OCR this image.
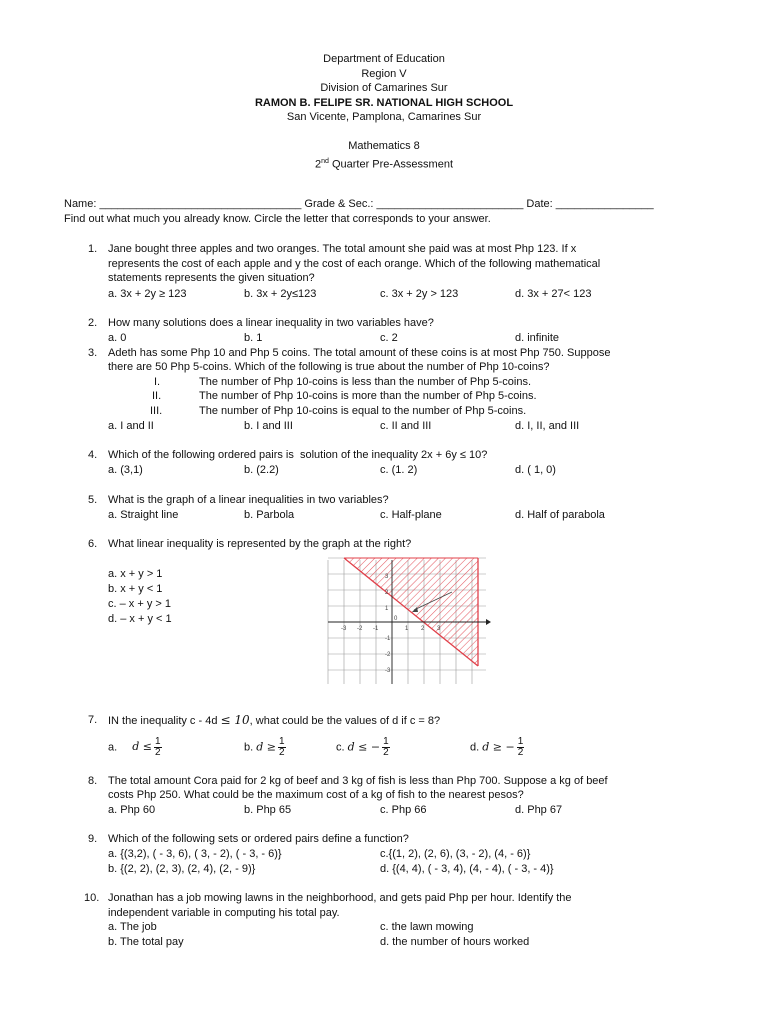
Department of Education
Region V
Division of Camarines Sur
RAMON B. FELIPE SR. NATIONAL HIGH SCHOOL
San Vicente, Pamplona, Camarines Sur
Mathematics 8
2nd Quarter Pre-Assessment
Name: _________________________________ Grade & Sec.: ________________________ Date: ________________
Find out what much you already know. Circle the letter that corresponds to your answer.
1. Jane bought three apples and two oranges. The total amount she paid was at most Php 123. If x
represents the cost of each apple and y the cost of each orange. Which of the following mathematical
statements represents the given situation?
a. 3x + 2y ≥ 123	b. 3x + 2y≤123	c. 3x + 2y > 123	d. 3x + 27< 123
2. How many solutions does a linear inequality in two variables have?
a. 0	b. 1	c. 2	d. infinite
3. Adeth has some Php 10 and Php 5 coins. The total amount of these coins is at most Php 750. Suppose
there are 50 Php 5-coins. Which of the following is true about the number of Php 10-coins?
I.	The number of Php 10-coins is less than the number of Php 5-coins.
II.	The number of Php 10-coins is more than the number of Php 5-coins.
III.	The number of Php 10-coins is equal to the number of Php 5-coins.
a. I and II	b. I and III	c. II and III	d. I, II, and III
4. Which of the following ordered pairs is  solution of the inequality 2x + 6y ≤ 10?
a. (3,1)	b. (2.2)	c. (1. 2)	d. ( 1, 0)
5. What is the graph of a linear inequalities in two variables?
a. Straight line	b. Parbola	c. Half-plane	d. Half of parabola
6. What linear inequality is represented by the graph at the right?
a. x + y > 1
b. x + y < 1
c. – x + y > 1
d. – x + y < 1
-3 -2 -1	1 2 3
3
2
1
-1
-2
-3
0
7. IN the inequality c - 4d ≤ 10, what could be the values of d if c = 8?
a. $d \le \frac{1}{2}$	b. $d \ge \frac{1}{2}$	c. d ≤ − $\frac{1}{2}$	d. d ≥ − $\frac{1}{2}$
8. The total amount Cora paid for 2 kg of beef and 3 kg of fish is less than Php 700. Suppose a kg of beef
costs Php 250. What could be the maximum cost of a kg of fish to the nearest pesos?
a. Php 60	b. Php 65	c. Php 66	d. Php 67
9. Which of the following sets or ordered pairs define a function?
a. {(3,2), ( - 3, 6), ( 3, - 2), ( - 3, - 6)}	c.{(1, 2), (2, 6), (3, - 2), (4, - 6)}
b. {(2, 2), (2, 3), (2, 4), (2, - 9)}	d. {(4, 4), ( - 3, 4), (4, - 4), ( - 3, - 4)}
10. Jonathan has a job mowing lawns in the neighborhood, and gets paid Php per hour. Identify the
independent variable in computing his total pay.
a. The job	c. the lawn mowing
b. The total pay	d. the number of hours worked
